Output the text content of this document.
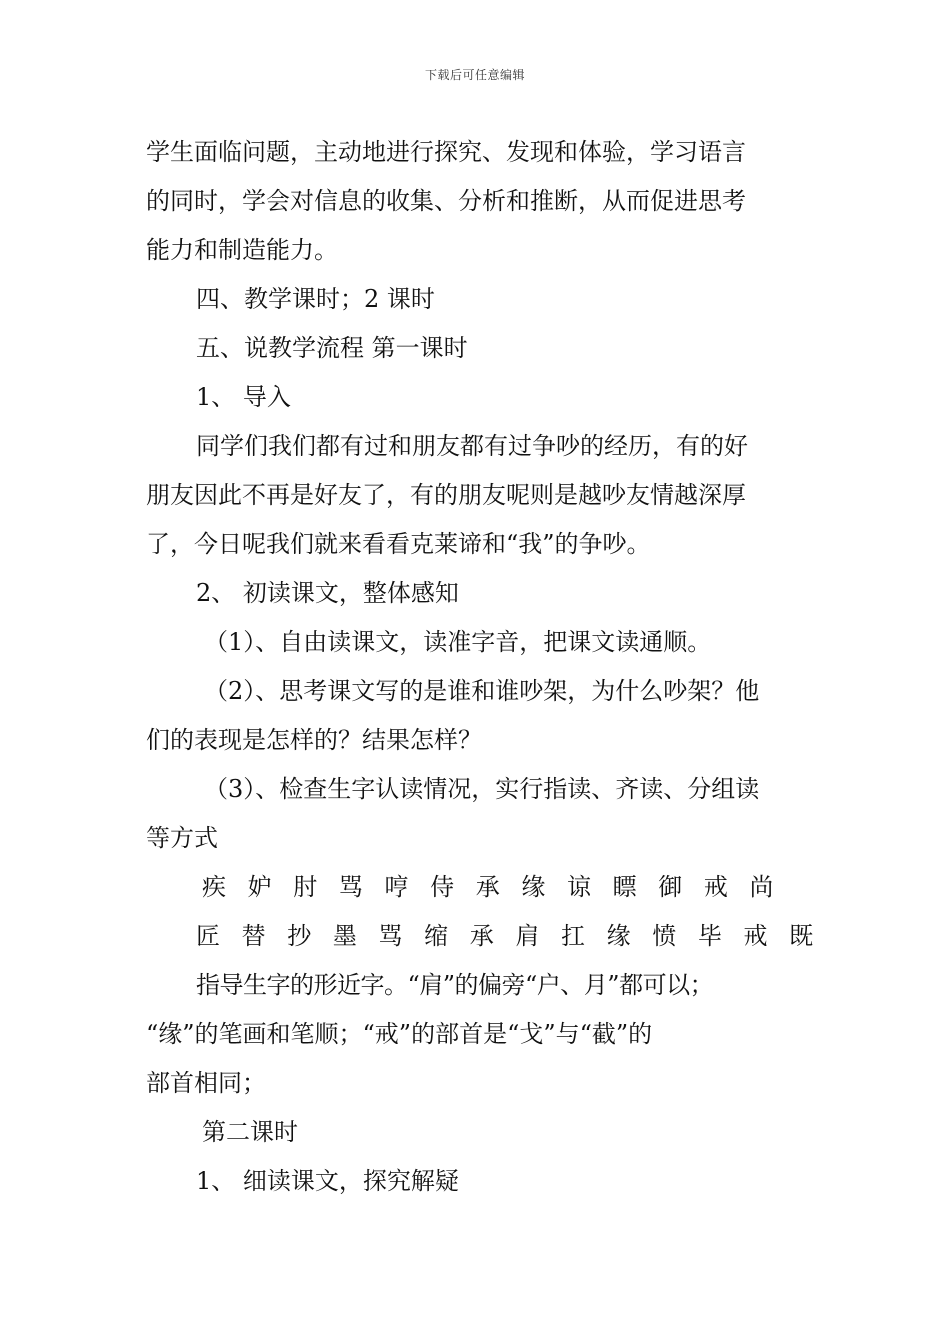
下载后可任意编辑
学生面临问题，主动地进行探究、发现和体验，学习语言
的同时，学会对信息的收集、分析和推断，从而促进思考
能力和制造能力。
四、教学课时；2 课时
五、说教学流程 第一课时
1、 导入
同学们我们都有过和朋友都有过争吵的经历，有的好
朋友因此不再是好友了，有的朋友呢则是越吵友情越深厚
了，今日呢我们就来看看克莱谛和“我”的争吵。
2、 初读课文，整体感知
（1）、自由读课文，读准字音，把课文读通顺。
（2）、思考课文写的是谁和谁吵架，为什么吵架？他
们的表现是怎样的？结果怎样？
（3）、检查生字认读情况，实行指读、齐读、分组读
等方式
疾 妒 肘 骂 哼 侍 承 缘 谅 瞟 御 戒 尚
匠 替 抄 墨 骂 缩 承 肩 扛 缘 愤 毕 戒 既
指导生字的形近字。“肩”的偏旁“户、月”都可以；
“缘”的笔画和笔顺；“戒”的部首是“戈”与“截”的
部首相同；
第二课时
1、 细读课文，探究解疑
